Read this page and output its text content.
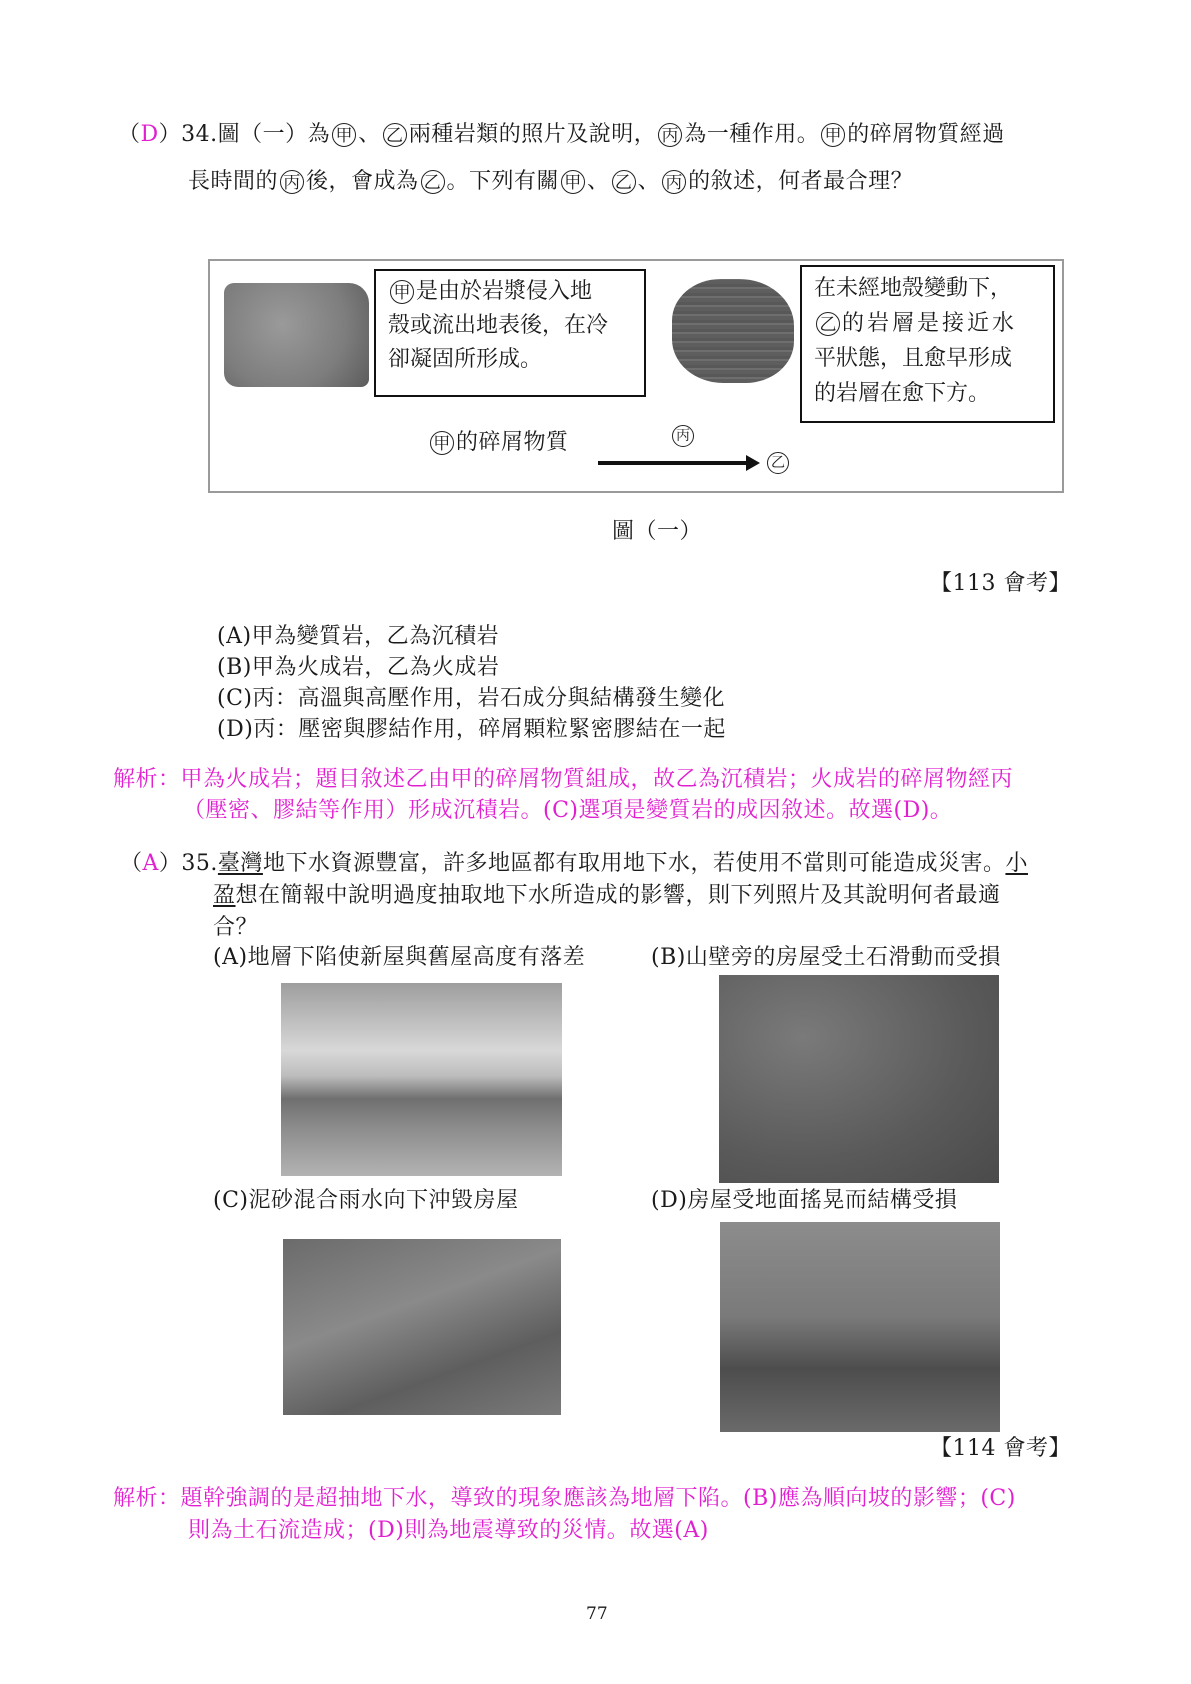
（D）34.圖（一）為 甲 、 乙 兩種岩類的照片及說明， 丙 為一種作用。 甲 的碎屑物質經過
長時間的 丙 後，會成為 乙 。下列有關 甲 、 乙 、 丙 的敘述，何者最合理？
甲 是由於岩漿侵入地
殼或流出地表後，在冷
卻凝固所形成。
在未經地殼變動下，
乙 的岩層是接近水
平狀態，且愈早形成
的岩層在愈下方。
甲 的碎屑物質	丙
乙
圖（一）
【113 會考】
(A)甲為變質岩，乙為沉積岩
(B)甲為火成岩，乙為火成岩
(C)丙：高溫與高壓作用，岩石成分與結構發生變化
(D)丙：壓密與膠結作用，碎屑顆粒緊密膠結在一起
解析：甲為火成岩；題目敘述乙由甲的碎屑物質組成，故乙為沉積岩；火成岩的碎屑物經丙
（壓密、膠結等作用）形成沉積岩。(C)選項是變質岩的成因敘述。故選(D)。
（A）35.臺灣地下水資源豐富，許多地區都有取用地下水，若使用不當則可能造成災害。小
盈想在簡報中說明過度抽取地下水所造成的影響，則下列照片及其說明何者最適
合？
(A)地層下陷使新屋與舊屋高度有落差	(B)山壁旁的房屋受土石滑動而受損
(C)泥砂混合雨水向下沖毀房屋	(D)房屋受地面搖晃而結構受損
【114 會考】
解析：題幹強調的是超抽地下水，導致的現象應該為地層下陷。(B)應為順向坡的影響；(C)
則為土石流造成；(D)則為地震導致的災情。故選(A)
77
